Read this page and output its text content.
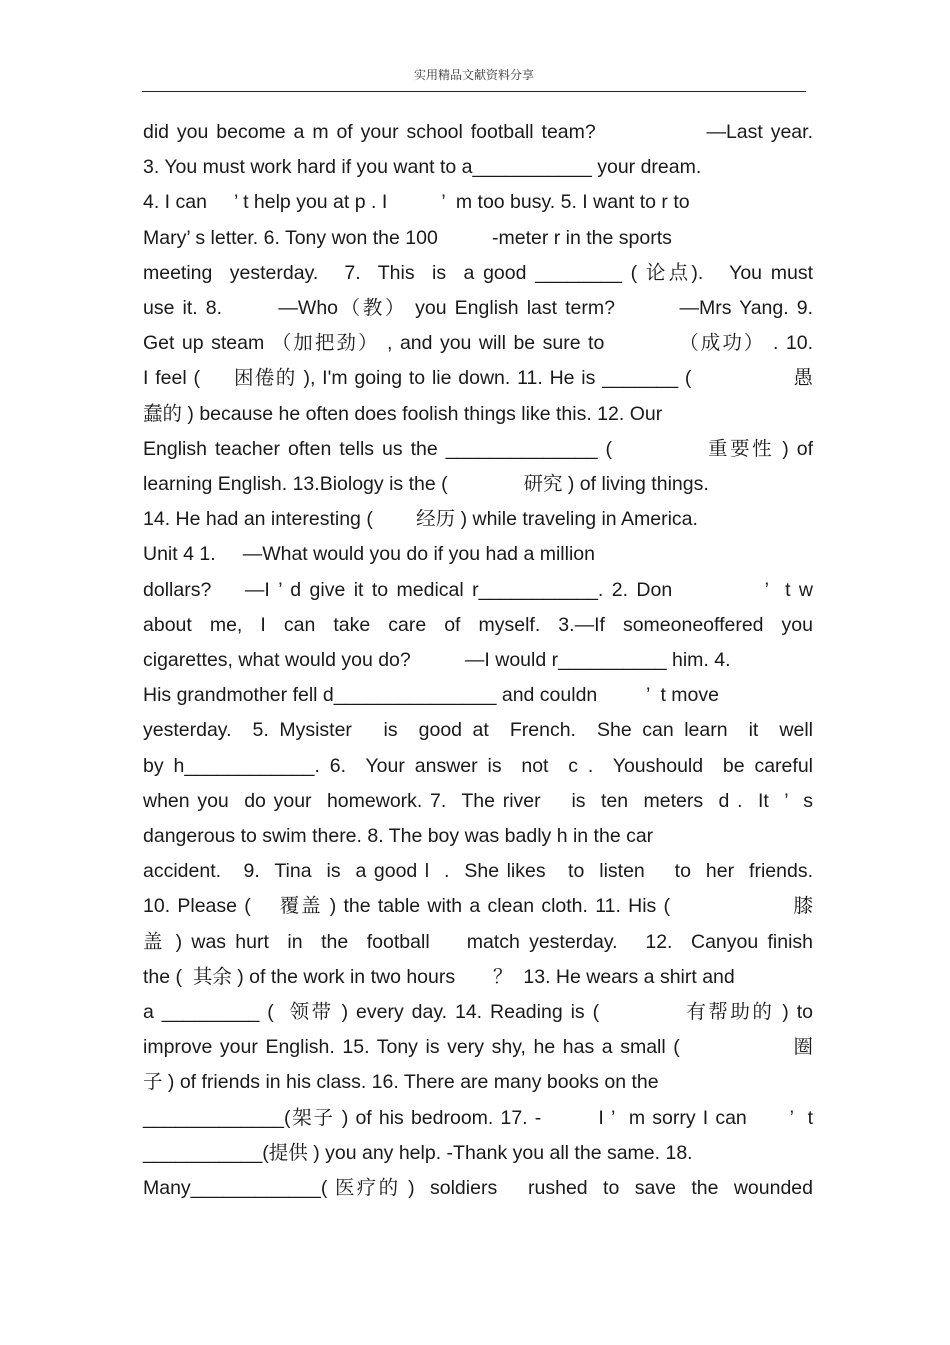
实用精品文献资料分享
did you become a m of your school football team?              —Last year.
3. You must work hard if you want to a___________ your dream.
4. I can     ’ t help you at p . I          ’  m too busy. 5. I want to r to
Mary’ s letter. 6. Tony won the 100          -meter r in the sports
meeting  yesterday.   7.  This  is  a good ________ ( 论点).   You must
use it. 8.       —Who（教） you English last term?        —Mrs Yang. 9.
Get up steam （加把劲） , and you will be sure to          （成功） . 10.
I feel (     困倦的 ), I'm going to lie down. 11. He is _______ (               愚
蠢的 ) because he often does foolish things like this. 12. Our
English teacher often tells us the ______________ (            重要性 ) of
learning English. 13.Biology is the (              研究 ) of living things.
14. He had an interesting (        经历 ) while traveling in America.
Unit 4 1.     —What would you do if you had a million
dollars?    —I ’ d give it to medical r___________. 2. Don           ’  t w
about me, I can take care of myself. 3.—If someoneoffered you
cigarettes, what would you do?          —I would r__________ him. 4.
His grandmother fell d_______________ and couldn         ’  t move
yesterday.  5. Mysister   is  good at  French.  She can learn  it  well
by h____________. 6.  Your answer is  not  c .  Youshould  be careful
when you  do your  homework. 7.  The river    is  ten  meters  d .  It  ’  s
dangerous to swim there. 8. The boy was badly h in the car
accident.   9.  Tina  is  a good l  .  She likes   to  listen    to  her  friends.
10. Please (    覆盖 ) the table with a clean cloth. 11. His (                 膝
盖 ) was hurt  in  the  football    match yesterday.   12.  Canyou finish
the (  其余 ) of the work in two hours       ？  13. He wears a shirt and
a _________ (  领带 ) every day. 14. Reading is (           有帮助的 ) to
improve your English. 15. Tony is very shy, he has a small (               圈
子 ) of friends in his class. 16. There are many books on the
_____________(架子 ) of his bedroom. 17. -        I ’  m sorry I can      ’  t
___________(提供 ) you any help. -Thank you all the same. 18.
Many____________( 医疗的 )  soldiers    rushed  to  save  the  wounded
